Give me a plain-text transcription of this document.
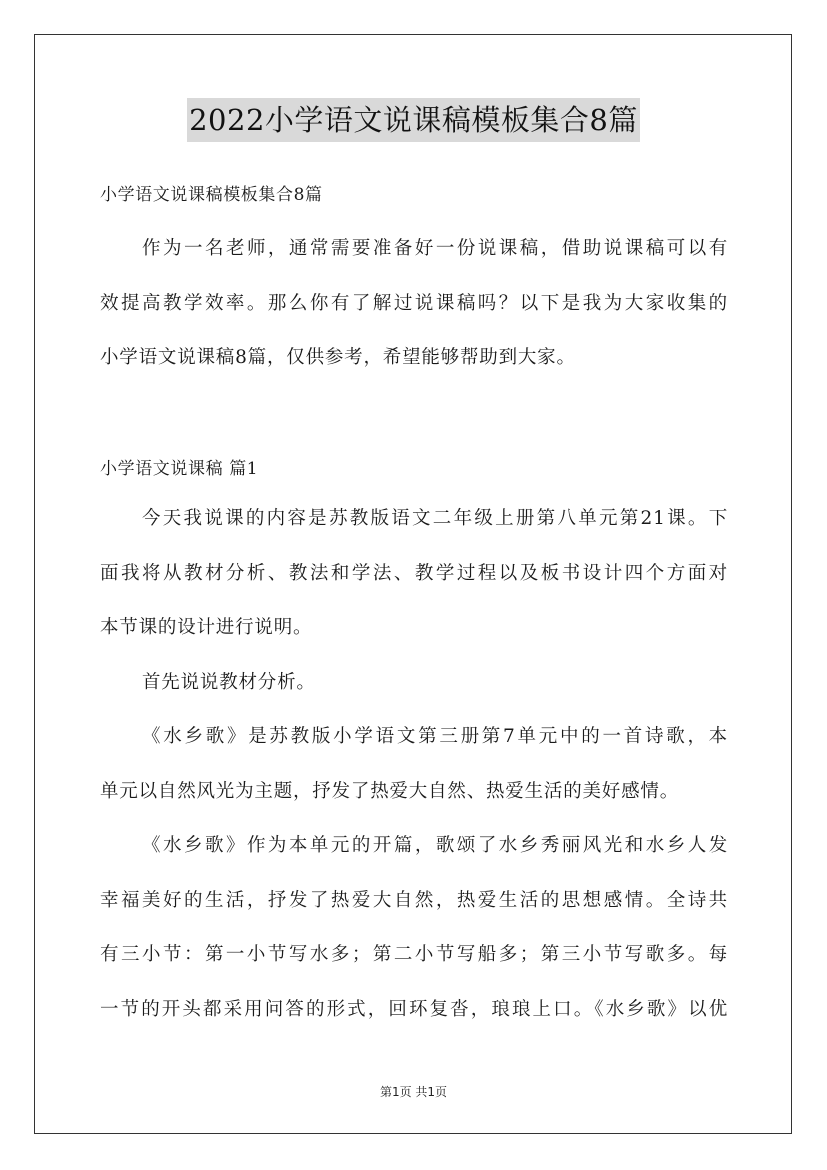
2022小学语文说课稿模板集合8篇
小学语文说课稿模板集合8篇

作为一名老师，通常需要准备好一份说课稿，借助说课稿可以有

效提高教学效率。那么你有了解过说课稿吗？以下是我为大家收集的

小学语文说课稿8篇，仅供参考，希望能够帮助到大家。

小学语文说课稿 篇1

今天我说课的内容是苏教版语文二年级上册第八单元第21课。下

面我将从教材分析、教法和学法、教学过程以及板书设计四个方面对

本节课的设计进行说明。

首先说说教材分析。

《水乡歌》是苏教版小学语文第三册第7单元中的一首诗歌，本

单元以自然风光为主题，抒发了热爱大自然、热爱生活的美好感情。

《水乡歌》作为本单元的开篇，歌颂了水乡秀丽风光和水乡人发

幸福美好的生活，抒发了热爱大自然，热爱生活的思想感情。全诗共

有三小节：第一小节写水多；第二小节写船多；第三小节写歌多。每

一节的开头都采用问答的形式，回环复沓，琅琅上口。《水乡歌》以优

第1页 共1页
